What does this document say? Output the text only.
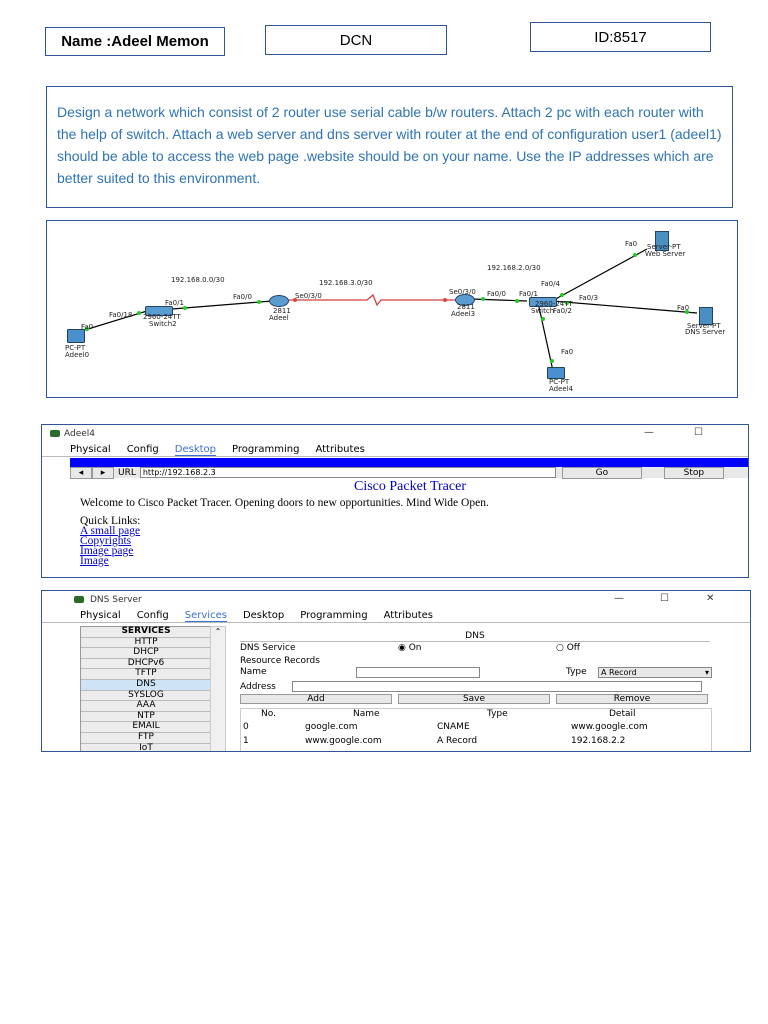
Name :Adeel Memon	DCN	ID:8517
Design a network which consist of 2 router use serial cable b/w routers. Attach 2 pc with each router with the help of switch. Attach a web server and dns server with router at the end of configuration user1 (adeel1) should be able to access the web page .website should be on your name. Use the IP addresses which are better suited to this environment.
192.168.0.0/30	192.168.3.0/30
192.168.2.0/30
Fa0
PC-PT
Adeel0
Fa0/18
Fa0/1
2960-24TT
Switch2
Fa0/0	Se0/3/0
2811
Adeel
Se0/3/0 Fa0/0
2811
Adeel3
Fa0/1
Fa0/4
Fa0/3
Fa0/2
2960-24TT
Switch
Fa0 Server-PT
Web Server
Fa0
Server-PT
DNS Server
Fa0
PC-PT
Adeel4
Adeel4	—	☐
Physical Config Desktop Programming Attributes
◂	▸	URL http://192.168.2.3	Go	Stop
Cisco Packet Tracer
Welcome to Cisco Packet Tracer. Opening doors to new opportunities. Mind Wide Open.
Quick Links:
A small page
Copyrights
Image page
Image
DNS Server	—	☐	✕
Physical Config Services Desktop Programming Attributes
SERVICES
HTTP
DHCP
DHCPv6
TFTP
DNS
SYSLOG
AAA
NTP
EMAIL
FTP
IoT
⌃	DNS
DNS Service	◉ On	○ Off
Resource Records
Name	Type	A Record	▾
Address
Add	Save	Remove
No.	Name	Type	Detail
0	google.com	CNAME	www.google.com
1	www.google.com	A Record	192.168.2.2
